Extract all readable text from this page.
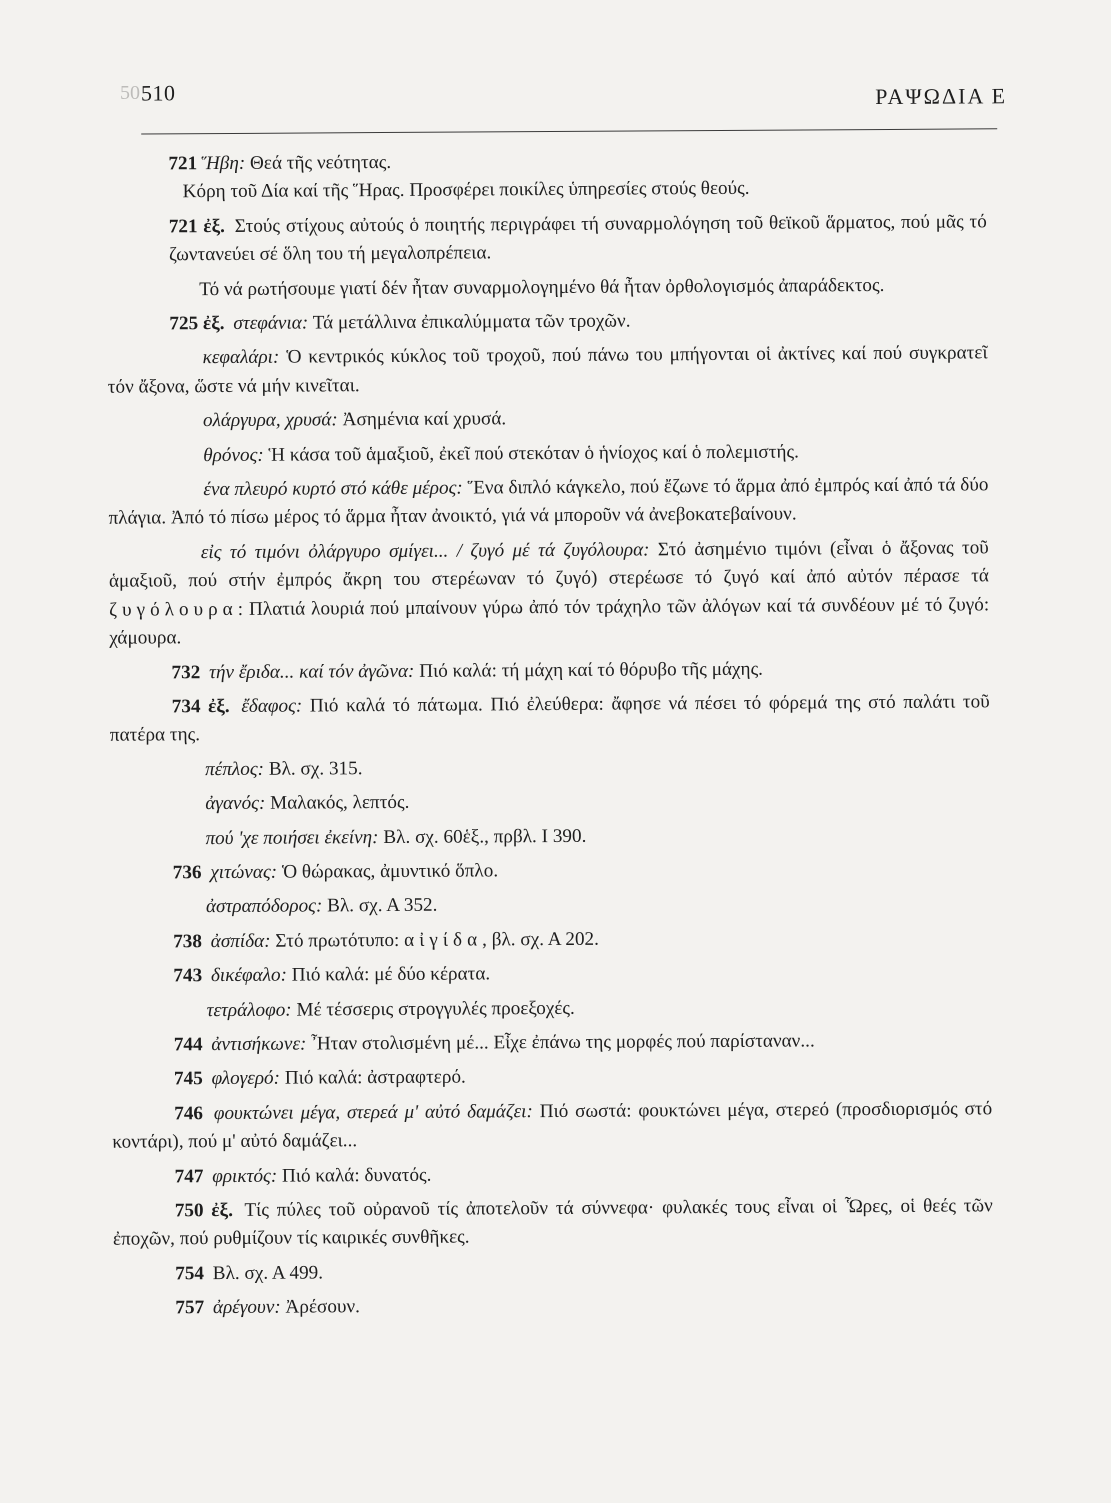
50 510	ΡΑΨΩΔΙΑ Ε

721 Ἥβη: Θεά τῆς νεότητας.
Κόρη τοῦ Δία καί τῆς Ἥρας. Προσφέρει ποικίλες ὑπηρεσίες στούς θεούς.

721 ἐξ. Στούς στίχους αὐτούς ὁ ποιητής περιγράφει τή συναρμολόγηση τοῦ θεϊκοῦ ἅρματος, πού μᾶς τό ζωντανεύει σέ ὅλη του τή μεγαλοπρέπεια.

Τό νά ρωτήσουμε γιατί δέν ἦταν συναρμολογημένο θά ἦταν ὀρθολογισμός ἀπαράδεκτος.

725 ἐξ. στεφάνια: Τά μετάλλινα ἐπικαλύμματα τῶν τροχῶν.

κεφαλάρι: Ὁ κεντρικός κύκλος τοῦ τροχοῦ, πού πάνω του μπήγονται οἱ ἀκτίνες καί πού συγκρατεῖ τόν ἄξονα, ὥστε νά μήν κινεῖται.

ολάργυρα, χρυσά: Ἀσημένια καί χρυσά.

θρόνος: Ἡ κάσα τοῦ ἁμαξιοῦ, ἐκεῖ πού στεκόταν ὁ ἡνίοχος καί ὁ πολεμιστής.

ένα πλευρό κυρτό στό κάθε μέρος: Ἕνα διπλό κάγκελο, πού ἔζωνε τό ἅρμα ἀπό ἐμπρός καί ἀπό τά δύο πλάγια. Ἀπό τό πίσω μέρος τό ἅρμα ἦταν ἀνοικτό, γιά νά μποροῦν νά ἀνεβοκατεβαίνουν.

εἰς τό τιμόνι ὀλάργυρο σμίγει... / ζυγό μέ τά ζυγόλουρα: Στό ἀσημένιο τιμόνι (εἶναι ὁ ἄξονας τοῦ ἁμαξιοῦ, πού στήν ἐμπρός ἄκρη του στερέωναν τό ζυγό) στερέωσε τό ζυγό καί ἀπό αὐτόν πέρασε τά ζυγόλουρα: Πλατιά λουριά πού μπαίνουν γύρω ἀπό τόν τράχηλο τῶν ἀλόγων καί τά συνδέουν μέ τό ζυγό: χάμουρα.

732 τήν ἔριδα... καί τόν ἀγῶνα: Πιό καλά: τή μάχη καί τό θόρυβο τῆς μάχης.

734 ἐξ. ἔδαφος: Πιό καλά τό πάτωμα. Πιό ἐλεύθερα: ἄφησε νά πέσει τό φόρεμά της στό παλάτι τοῦ πατέρα της.

πέπλος: Βλ. σχ. 315.

ἀγανός: Μαλακός, λεπτός.

πού 'χε ποιήσει ἐκείνη: Βλ. σχ. 60ἑξ., πρβλ. Ι 390.

736 χιτώνας: Ὁ θώρακας, ἀμυντικό ὅπλο.

ἀστραπόδορος: Βλ. σχ. Α 352.

738 ἀσπίδα: Στό πρωτότυπο: αἰγίδα, βλ. σχ. Α 202.

743 δικέφαλο: Πιό καλά: μέ δύο κέρατα.

τετράλοφο: Μέ τέσσερις στρογγυλές προεξοχές.

744 ἀντισήκωνε: Ἦταν στολισμένη μέ... Εἶχε ἐπάνω της μορφές πού παρίσταναν...

745 φλογερό: Πιό καλά: ἀστραφτερό.

746 φουκτώνει μέγα, στερεά μ' αὐτό δαμάζει: Πιό σωστά: φουκτώνει μέγα, στερεό (προσδιορισμός στό κοντάρι), πού μ' αὐτό δαμάζει...

747 φρικτός: Πιό καλά: δυνατός.

750 ἐξ. Τίς πύλες τοῦ οὐρανοῦ τίς ἀποτελοῦν τά σύννεφα· φυλακές τους εἶναι οἱ Ὧρες, οἱ θεές τῶν ἐποχῶν, πού ρυθμίζουν τίς καιρικές συνθῆκες.

754 Βλ. σχ. Α 499.

757 ἀρέγουν: Ἀρέσουν.
